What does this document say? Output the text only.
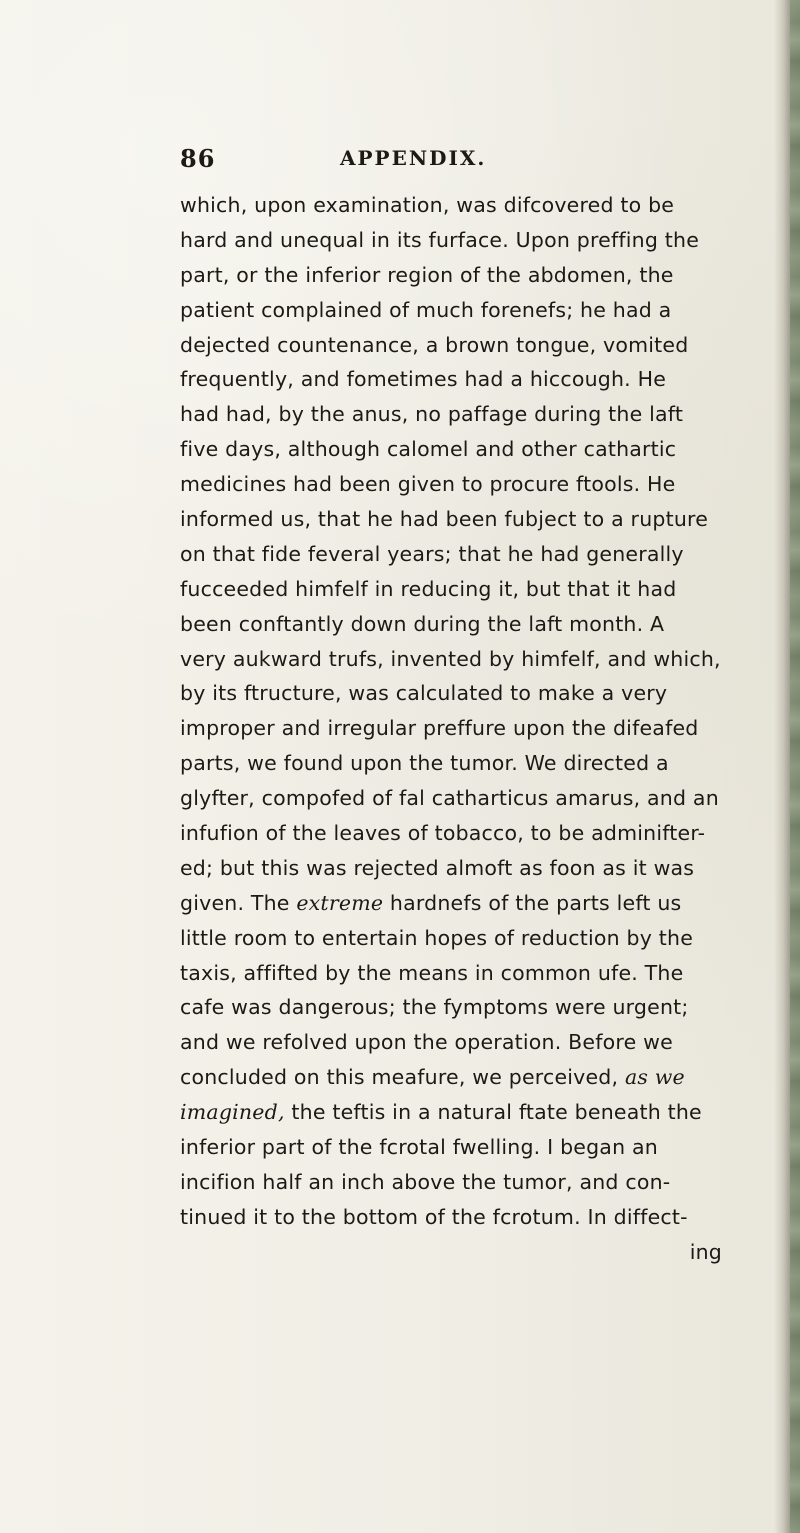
86	APPENDIX.
which, upon examination, was difcovered to be
hard and unequal in its furface. Upon preffing the
part, or the inferior region of the abdomen, the
patient complained of much forenefs; he had a
dejected countenance, a brown tongue, vomited
frequently, and fometimes had a hiccough. He
had had, by the anus, no paffage during the laft
five days, although calomel and other cathartic
medicines had been given to procure ftools. He
informed us, that he had been fubject to a rupture
on that fide feveral years; that he had generally
fucceeded himfelf in reducing it, but that it had
been conftantly down during the laft month. A
very aukward trufs, invented by himfelf, and which,
by its ftructure, was calculated to make a very
improper and irregular preffure upon the difeafed
parts, we found upon the tumor. We directed a
glyfter, compofed of fal catharticus amarus, and an
infufion of the leaves of tobacco, to be adminifter-
ed; but this was rejected almoft as foon as it was
given. The extreme hardnefs of the parts left us
little room to entertain hopes of reduction by the
taxis, affifted by the means in common ufe. The
cafe was dangerous; the fymptoms were urgent;
and we refolved upon the operation. Before we
concluded on this meafure, we perceived, as we
imagined, the teftis in a natural ftate beneath the
inferior part of the fcrotal fwelling. I began an
incifion half an inch above the tumor, and con-
tinued it to the bottom of the fcrotum. In diffect-
ing
